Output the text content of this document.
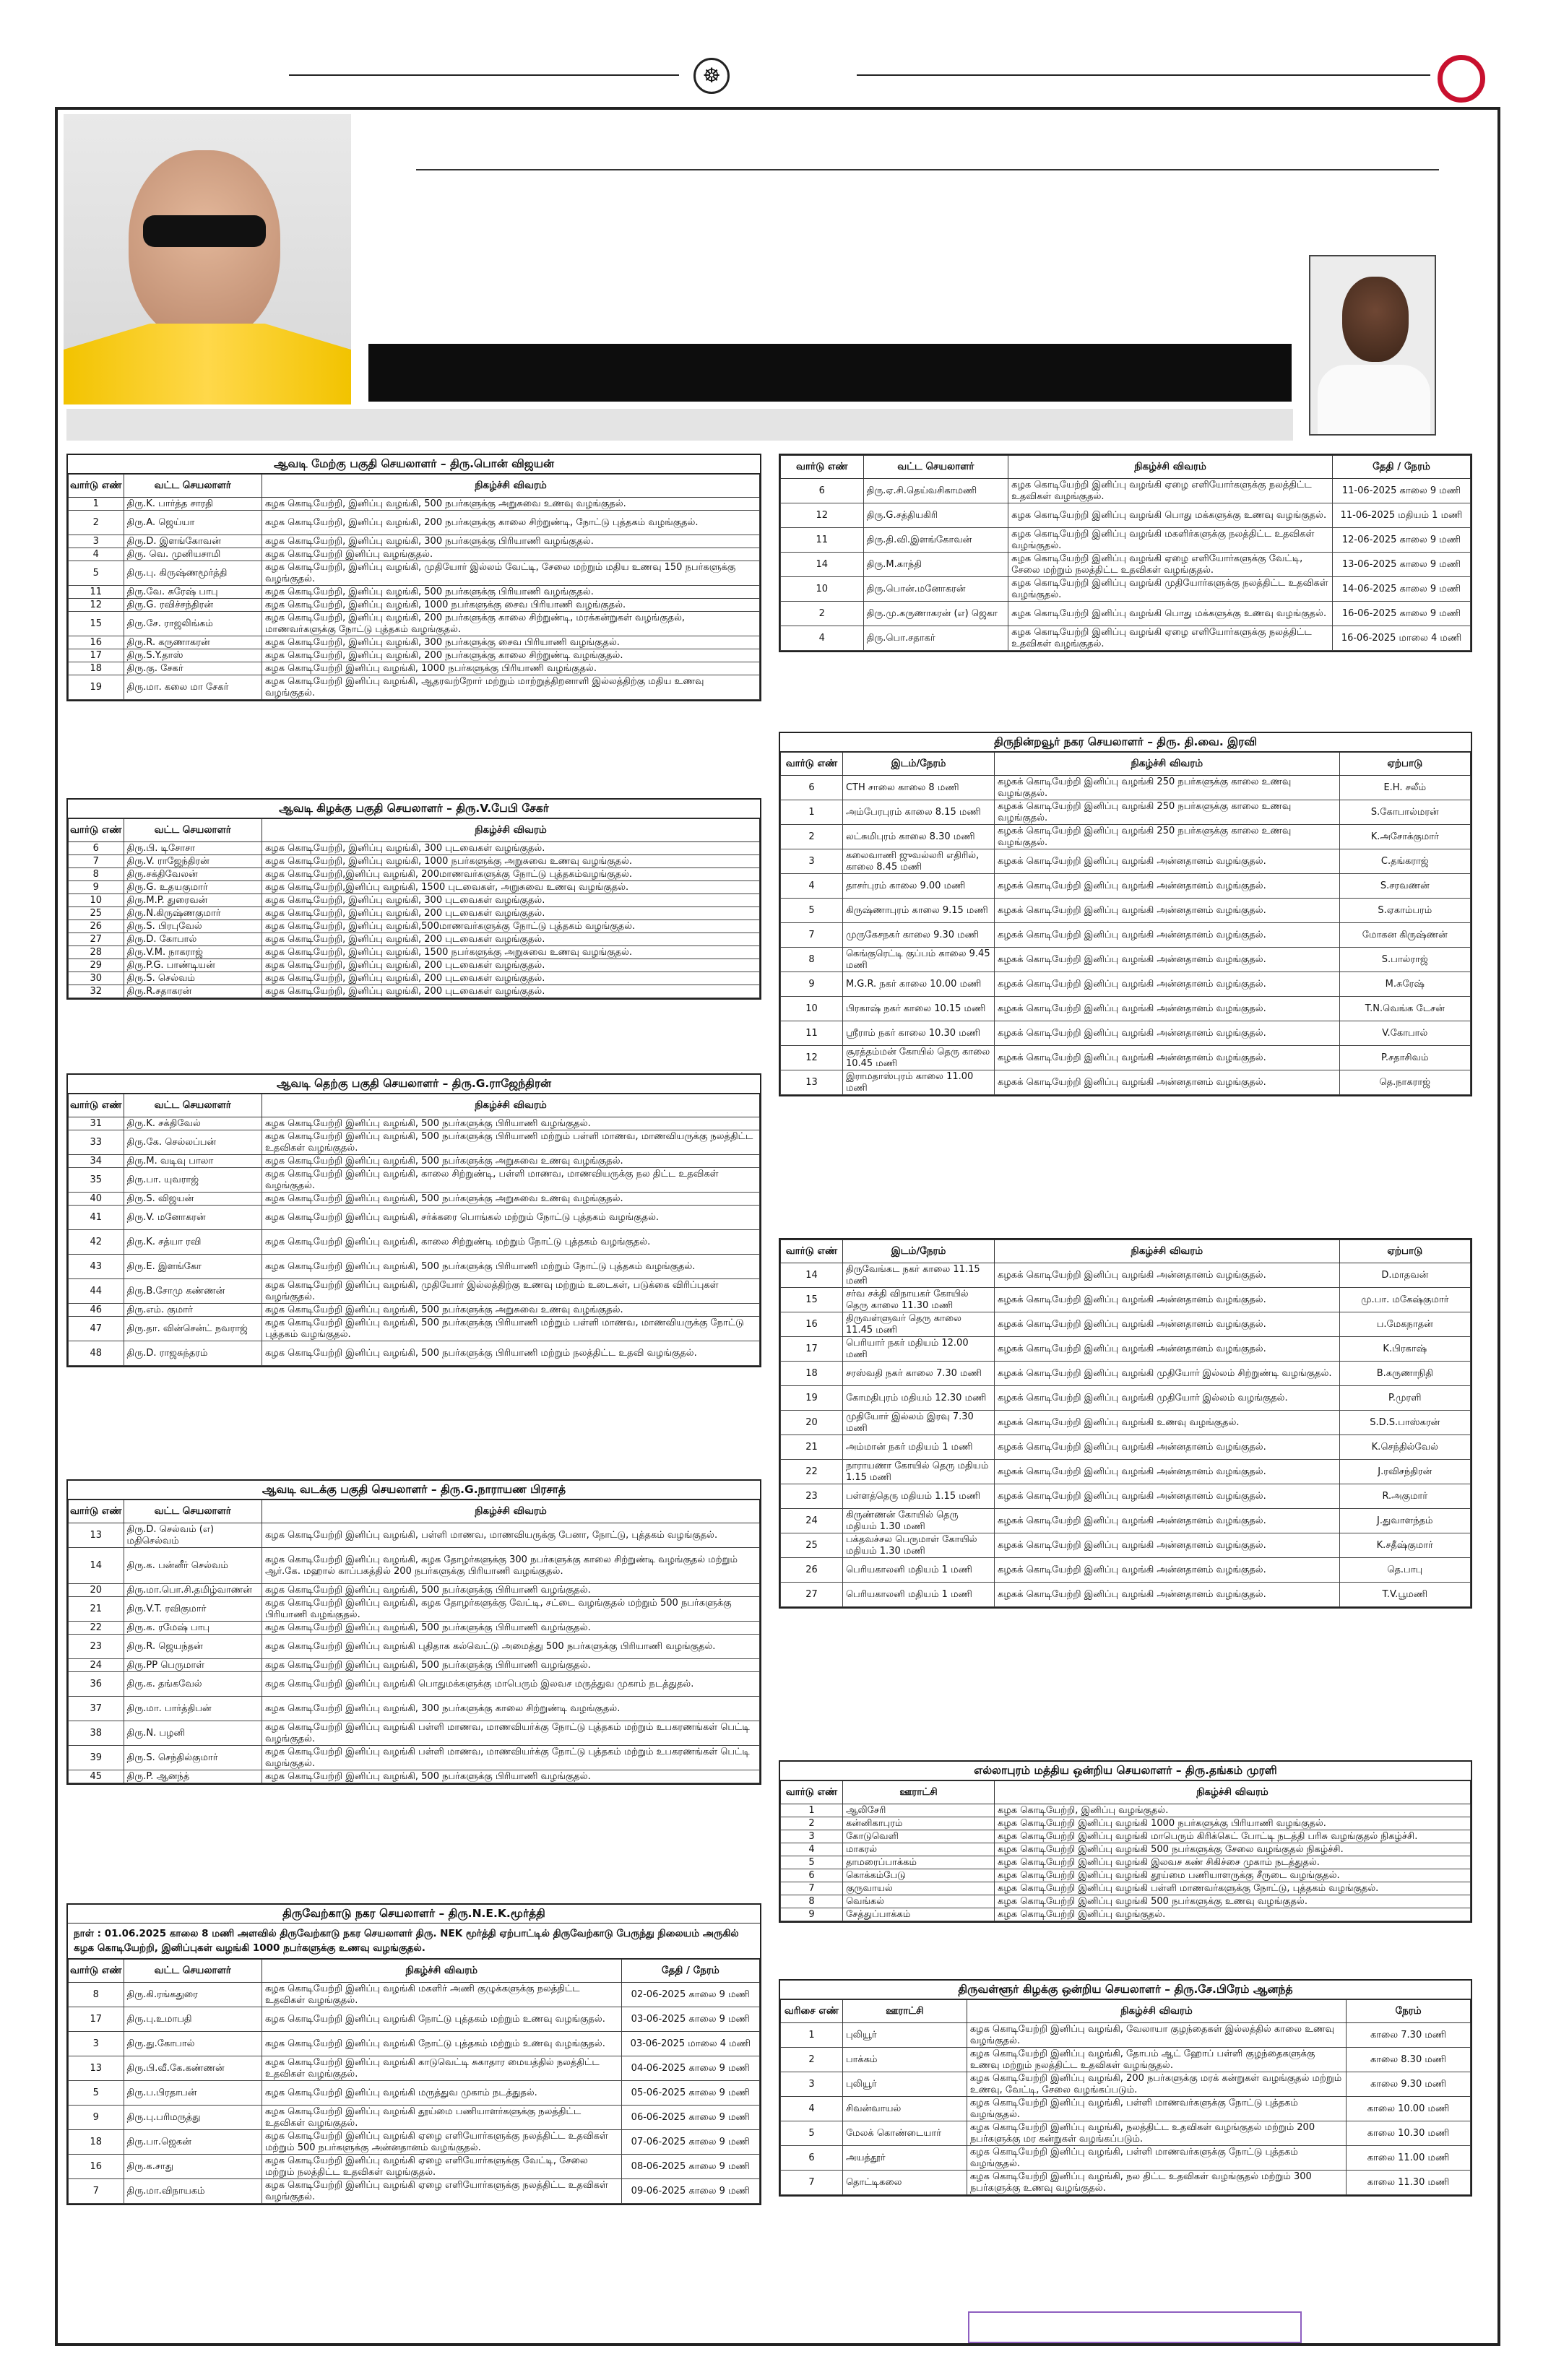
☸
ஆவடி மேற்கு பகுதி செயலாளர் – திரு.பொன் விஜயன்
வார்டு எண்	வட்ட செயலாளர்	நிகழ்ச்சி விவரம்
1	திரு.K. பார்த்த சாரதி	கழக கொடியேற்றி, இனிப்பு வழங்கி, 500 நபர்களுக்கு அறுசுவை உணவு வழங்குதல்.
2	திரு.A. ஜெய்யா	கழக கொடியேற்றி, இனிப்பு வழங்கி, 200 நபர்களுக்கு காலை சிற்றுண்டி, நோட்டு புத்தகம் வழங்குதல்.
3	திரு.D. இளங்கோவன்	கழக கொடியேற்றி, இனிப்பு வழங்கி, 300 நபர்களுக்கு பிரியாணி வழங்குதல்.
4	திரு. வெ. முனியசாமி	கழக கொடியேற்றி இனிப்பு வழங்குதல்.
5	திரு.பு. கிருஷ்ணமூர்த்தி	கழக கொடியேற்றி, இனிப்பு வழங்கி, முதியோர் இல்லம் வேட்டி, சேலை மற்றும் மதிய உணவு 150 நபர்களுக்கு வழங்குதல்.
11	திரு.வே. சுரேஷ் பாபு	கழக கொடியேற்றி, இனிப்பு வழங்கி, 500 நபர்களுக்கு பிரியாணி வழங்குதல்.
12	திரு.G. ரவிச்சந்திரன்	கழக கொடியேற்றி, இனிப்பு வழங்கி, 1000 நபர்களுக்கு சைவ பிரியாணி வழங்குதல்.
15	திரு.சே. ராஜலிங்கம்	கழக கொடியேற்றி, இனிப்பு வழங்கி, 200 நபர்களுக்கு காலை சிற்றுண்டி, மரக்கன்றுகள் வழங்குதல், மாணவர்களுக்கு நோட்டு புத்தகம் வழங்குதல்.
16	திரு.R. கருணாகரன்	கழக கொடியேற்றி, இனிப்பு வழங்கி, 300 நபர்களுக்கு சைவ பிரியாணி வழங்குதல்.
17	திரு.S.Y.தாஸ்	கழக கொடியேற்றி, இனிப்பு வழங்கி, 200 நபர்களுக்கு காலை சிற்றுண்டி வழங்குதல்.
18	திரு.கு. சேகர்	கழக கொடியேற்றி இனிப்பு வழங்கி, 1000 நபர்களுக்கு பிரியாணி வழங்குதல்.
19	திரு.மா. கலை மா சேகர்	கழக கொடியேற்றி இனிப்பு வழங்கி, ஆதரவற்றோர் மற்றும் மாற்றுத்திறனாளி இல்லத்திற்கு மதிய உணவு வழங்குதல்.
ஆவடி கிழக்கு பகுதி செயலாளர் – திரு.V.பேபி சேகர்
வார்டு எண்	வட்ட செயலாளர்	நிகழ்ச்சி விவரம்
6	திரு.பி. டிசோசா	கழக கொடியேற்றி, இனிப்பு வழங்கி, 300 புடவைகள் வழங்குதல்.
7	திரு.V. ராஜேந்திரன்	கழக கொடியேற்றி, இனிப்பு வழங்கி, 1000 நபர்களுக்கு அறுசுவை உணவு வழங்குதல்.
8	திரு.சக்திவேலன்	கழக கொடியேற்றி,இனிப்பு வழங்கி, 200மாணவர்களுக்கு நோட்டு புத்தகம்வழங்குதல்.
9	திரு.G. உதயகுமார்	கழக கொடியேற்றி,இனிப்பு வழங்கி, 1500 புடவைகள், அறுசுவை உணவு வழங்குதல்.
10	திரு.M.P. துரைவன்	கழக கொடியேற்றி, இனிப்பு வழங்கி, 300 புடவைகள் வழங்குதல்.
25	திரு.N.கிருஷ்ணகுமார்	கழக கொடியேற்றி, இனிப்பு வழங்கி, 200 புடவைகள் வழங்குதல்.
26	திரு.S. பிரபுவேல்	கழக கொடியேற்றி, இனிப்பு வழங்கி,500மாணவர்களுக்கு நோட்டு புத்தகம் வழங்குதல்.
27	திரு.D. கோபால்	கழக கொடியேற்றி, இனிப்பு வழங்கி, 200 புடவைகள் வழங்குதல்.
28	திரு.V.M. நாகராஜ்	கழக கொடியேற்றி, இனிப்பு வழங்கி, 1500 நபர்களுக்கு அறுசுவை உணவு வழங்குதல்.
29	திரு.P.G. பாண்டியன்	கழக கொடியேற்றி, இனிப்பு வழங்கி, 200 புடவைகள் வழங்குதல்.
30	திரு.S. செல்வம்	கழக கொடியேற்றி, இனிப்பு வழங்கி, 200 புடவைகள் வழங்குதல்.
32	திரு.R.சதாகரன்	கழக கொடியேற்றி, இனிப்பு வழங்கி, 200 புடவைகள் வழங்குதல்.
ஆவடி தெற்கு பகுதி செயலாளர் – திரு.G.ராஜேந்திரன்
வார்டு எண்	வட்ட செயலாளர்	நிகழ்ச்சி விவரம்
31	திரு.K. சக்திவேல்	கழக கொடியேற்றி இனிப்பு வழங்கி, 500 நபர்களுக்கு பிரியாணி வழங்குதல்.
33	திரு.கே. செல்லப்பன்	கழக கொடியேற்றி இனிப்பு வழங்கி, 500 நபர்களுக்கு பிரியாணி மற்றும் பள்ளி மாணவ, மாணவியருக்கு நலத்திட்ட உதவிகள் வழங்குதல்.
34	திரு.M. வடிவு பாலா	கழக கொடியேற்றி இனிப்பு வழங்கி, 500 நபர்களுக்கு அறுசுவை உணவு வழங்குதல்.
35	திரு.பா. யுவராஜ்	கழக கொடியேற்றி இனிப்பு வழங்கி, காலை சிற்றுண்டி, பள்ளி மாணவ, மாணவியருக்கு நல திட்ட உதவிகள் வழங்குதல்.
40	திரு.S. விஜயன்	கழக கொடியேற்றி இனிப்பு வழங்கி, 500 நபர்களுக்கு அறுசுவை உணவு வழங்குதல்.
41	திரு.V. மனோகரன்	கழக கொடியேற்றி இனிப்பு வழங்கி, சர்க்கரை பொங்கல் மற்றும் நோட்டு புத்தகம் வழங்குதல்.
42	திரு.K. சத்யா ரவி	கழக கொடியேற்றி இனிப்பு வழங்கி, காலை சிற்றுண்டி மற்றும் நோட்டு புத்தகம் வழங்குதல்.
43	திரு.E. இளங்கோ	கழக கொடியேற்றி இனிப்பு வழங்கி, 500 நபர்களுக்கு பிரியாணி மற்றும் நோட்டு புத்தகம் வழங்குதல்.
44	திரு.B.சோமு கண்ணன்	கழக கொடியேற்றி இனிப்பு வழங்கி, முதியோர் இல்லத்திற்கு உணவு மற்றும் உடைகள், படுக்கை விரிப்புகள் வழங்குதல்.
46	திரு.எம். குமார்	கழக கொடியேற்றி இனிப்பு வழங்கி, 500 நபர்களுக்கு அறுசுவை உணவு வழங்குதல்.
47	திரு.தா. வின்சென்ட் நவராஜ்	கழக கொடியேற்றி இனிப்பு வழங்கி, 500 நபர்களுக்கு பிரியாணி மற்றும் பள்ளி மாணவ, மாணவியருக்கு நோட்டு புத்தகம் வழங்குதல்.
48	திரு.D. ராஜசுந்தரம்	கழக கொடியேற்றி இனிப்பு வழங்கி, 500 நபர்களுக்கு பிரியாணி மற்றும் நலத்திட்ட உதவி வழங்குதல்.
ஆவடி வடக்கு பகுதி செயலாளர் – திரு.G.நாராயண பிரசாத்
வார்டு எண்	வட்ட செயலாளர்	நிகழ்ச்சி விவரம்
13	திரு.D. செல்வம் (எ) மதிசெல்வம்	கழக கொடியேற்றி இனிப்பு வழங்கி, பள்ளி மாணவ, மாணவியருக்கு பேனா, நோட்டு, புத்தகம் வழங்குதல்.
14	திரு.க. பன்னீர் செல்வம்	கழக கொடியேற்றி இனிப்பு வழங்கி, கழக தோழர்களுக்கு 300 நபர்களுக்கு காலை சிற்றுண்டி வழங்குதல் மற்றும் ஆர்.கே. மஹால் காப்பகத்தில் 200 நபர்களுக்கு பிரியாணி வழங்குதல்.
20	திரு.மா.பொ.சி.தமிழ்வாணன்	கழக கொடியேற்றி இனிப்பு வழங்கி, 500 நபர்களுக்கு பிரியாணி வழங்குதல்.
21	திரு.V.T. ரவிகுமார்	கழக கொடியேற்றி இனிப்பு வழங்கி, கழக தோழர்களுக்கு வேட்டி, சட்டை வழங்குதல் மற்றும் 500 நபர்களுக்கு பிரியாணி வழங்குதல்.
22	திரு.க. ரமேஷ் பாபு	கழக கொடியேற்றி இனிப்பு வழங்கி, 500 நபர்களுக்கு பிரியாணி வழங்குதல்.
23	திரு.R. ஜெயந்தன்	கழக கொடியேற்றி இனிப்பு வழங்கி புதிதாக கல்வெட்டு அமைத்து 500 நபர்களுக்கு பிரியாணி வழங்குதல்.
24	திரு.PP பெருமாள்	கழக கொடியேற்றி இனிப்பு வழங்கி, 500 நபர்களுக்கு பிரியாணி வழங்குதல்.
36	திரு.க. தங்கவேல்	கழக கொடியேற்றி இனிப்பு வழங்கி பொதுமக்களுக்கு மாபெரும் இலவச மருத்துவ முகாம் நடத்துதல்.
37	திரு.மா. பார்த்திபன்	கழக கொடியேற்றி இனிப்பு வழங்கி, 300 நபர்களுக்கு காலை சிற்றுண்டி வழங்குதல்.
38	திரு.N. பழனி	கழக கொடியேற்றி இனிப்பு வழங்கி பள்ளி மாணவ, மாணவியர்க்கு நோட்டு புத்தகம் மற்றும் உபகரணங்கள் பெட்டி வழங்குதல்.
39	திரு.S. செந்தில்குமார்	கழக கொடியேற்றி இனிப்பு வழங்கி பள்ளி மாணவ, மாணவியர்க்கு நோட்டு புத்தகம் மற்றும் உபகரணங்கள் பெட்டி வழங்குதல்.
45	திரு.P. ஆனந்த்	கழக கொடியேற்றி இனிப்பு வழங்கி, 500 நபர்களுக்கு பிரியாணி வழங்குதல்.
திருவேற்காடு நகர செயலாளர் – திரு.N.E.K.மூர்த்தி
நாள் : 01.06.2025 காலை 8 மணி அளவில் திருவேற்காடு நகர செயலாளர் திரு. NEK மூர்த்தி ஏற்பாட்டில் திருவேற்காடு பேருந்து நிலையம் அருகில் கழக கொடியேற்றி, இனிப்புகள் வழங்கி 1000 நபர்களுக்கு உணவு வழங்குதல்.
வார்டு எண்	வட்ட செயலாளர்	நிகழ்ச்சி விவரம்	தேதி / நேரம்
8	திரு.கி.ரங்கதுரை	கழக கொடியேற்றி இனிப்பு வழங்கி மகளிர் அணி குழுக்களுக்கு நலத்திட்ட உதவிகள் வழங்குதல்.	02-06-2025 காலை 9 மணி
17	திரு.பு.உமாபதி	கழக கொடியேற்றி இனிப்பு வழங்கி நோட்டு புத்தகம் மற்றும் உணவு வழங்குதல்.	03-06-2025 காலை 9 மணி
3	திரு.து.கோபால்	கழக கொடியேற்றி இனிப்பு வழங்கி நோட்டு புத்தகம் மற்றும் உணவு வழங்குதல்.	03-06-2025 மாலை 4 மணி
13	திரு.பி.வீ.கே.கண்ணன்	கழக கொடியேற்றி இனிப்பு வழங்கி காடுவெட்டி சுகாதார மையத்தில் நலத்திட்ட உதவிகள் வழங்குதல்.	04-06-2025 காலை 9 மணி
5	திரு.ப.பிரதாபன்	கழக கொடியேற்றி இனிப்பு வழங்கி மருத்துவ முகாம் நடத்துதல்.	05-06-2025 காலை 9 மணி
9	திரு.பு.பரிமருத்து	கழக கொடியேற்றி இனிப்பு வழங்கி தூய்மை பணியாளர்களுக்கு நலத்திட்ட உதவிகள் வழங்குதல்.	06-06-2025 காலை 9 மணி
18	திரு.பா.ஜெகன்	கழக கொடியேற்றி இனிப்பு வழங்கி ஏழை எளியோர்களுக்கு நலத்திட்ட உதவிகள் மற்றும் 500 நபர்களுக்கு அன்னதானம் வழங்குதல்.	07-06-2025 காலை 9 மணி
16	திரு.க.சாது	கழக கொடியேற்றி இனிப்பு வழங்கி ஏழை எளியோர்களுக்கு வேட்டி, சேலை மற்றும் நலத்திட்ட உதவிகள் வழங்குதல்.	08-06-2025 காலை 9 மணி
7	திரு.மா.விநாயகம்	கழக கொடியேற்றி இனிப்பு வழங்கி ஏழை எளியோர்களுக்கு நலத்திட்ட உதவிகள் வழங்குதல்.	09-06-2025 காலை 9 மணி
வார்டு எண்	வட்ட செயலாளர்	நிகழ்ச்சி விவரம்	தேதி / நேரம்
6	திரு.ஏ.சி.தெய்வசிகாமணி	கழக கொடியேற்றி இனிப்பு வழங்கி ஏழை எளியோர்களுக்கு நலத்திட்ட உதவிகள் வழங்குதல்.	11-06-2025 காலை 9 மணி
12	திரு.G.சத்தியகிரி	கழக கொடியேற்றி இனிப்பு வழங்கி பொது மக்களுக்கு உணவு வழங்குதல்.	11-06-2025 மதியம் 1 மணி
11	திரு.தி.வி.இளங்கோவன்	கழக கொடியேற்றி இனிப்பு வழங்கி மகளிர்களுக்கு நலத்திட்ட உதவிகள் வழங்குதல்.	12-06-2025 காலை 9 மணி
14	திரு.M.காந்தி	கழக கொடியேற்றி இனிப்பு வழங்கி ஏழை எளியோர்களுக்கு வேட்டி, சேலை மற்றும் நலத்திட்ட உதவிகள் வழங்குதல்.	13-06-2025 காலை 9 மணி
10	திரு.பொன்.மனோகரன்	கழக கொடியேற்றி இனிப்பு வழங்கி முதியோர்களுக்கு நலத்திட்ட உதவிகள் வழங்குதல்.	14-06-2025 காலை 9 மணி
2	திரு.மு.கருணாகரன் (எ) ஜெகா	கழக கொடியேற்றி இனிப்பு வழங்கி பொது மக்களுக்கு உணவு வழங்குதல்.	16-06-2025 காலை 9 மணி
4	திரு.பொ.சதாகர்	கழக கொடியேற்றி இனிப்பு வழங்கி ஏழை எளியோர்களுக்கு நலத்திட்ட உதவிகள் வழங்குதல்.	16-06-2025 மாலை 4 மணி
திருநின்றவூர் நகர செயலாளர் – திரு. தி.வை. இரவி
வார்டு எண்	இடம்/நேரம்	நிகழ்ச்சி விவரம்	ஏற்பாடு
6	CTH சாலை காலை 8 மணி	கழகக் கொடியேற்றி இனிப்பு வழங்கி 250 நபர்களுக்கு காலை உணவு வழங்குதல்.	E.H. சலீம்
1	அம்பேரபுரம் காலை 8.15 மணி	கழகக் கொடியேற்றி இனிப்பு வழங்கி 250 நபர்களுக்கு காலை உணவு வழங்குதல்.	S.கோபால்மரன்
2	லட்சுமிபுரம் காலை 8.30 மணி	கழகக் கொடியேற்றி இனிப்பு வழங்கி 250 நபர்களுக்கு காலை உணவு வழங்குதல்.	K.அசோக்குமார்
3	கலைவாணி ஜுவல்லரி எதிரில், காலை 8.45 மணி	கழகக் கொடியேற்றி இனிப்பு வழங்கி அன்னதானம் வழங்குதல்.	C.தங்கராஜ்
4	தாசர்புரம் காலை 9.00 மணி	கழகக் கொடியேற்றி இனிப்பு வழங்கி அன்னதானம் வழங்குதல்.	S.சரவணன்
5	கிருஷ்ணாபுரம் காலை 9.15 மணி	கழகக் கொடியேற்றி இனிப்பு வழங்கி அன்னதானம் வழங்குதல்.	S.ஏகாம்பரம்
7	முருகேசநகர் காலை 9.30 மணி	கழகக் கொடியேற்றி இனிப்பு வழங்கி அன்னதானம் வழங்குதல்.	மோகன கிருஷ்ணன்
8	கெங்குரெட்டி குப்பம் காலை 9.45 மணி	கழகக் கொடியேற்றி இனிப்பு வழங்கி அன்னதானம் வழங்குதல்.	S.பால்ராஜ்
9	M.G.R. நகர் காலை 10.00 மணி	கழகக் கொடியேற்றி இனிப்பு வழங்கி அன்னதானம் வழங்குதல்.	M.சுரேஷ்
10	பிரகாஷ் நகர் காலை 10.15 மணி	கழகக் கொடியேற்றி இனிப்பு வழங்கி அன்னதானம் வழங்குதல்.	T.N.வெங்க டேசன்
11	ஸ்ரீராம் நகர் காலை 10.30 மணி	கழகக் கொடியேற்றி இனிப்பு வழங்கி அன்னதானம் வழங்குதல்.	V.கோபால்
12	சூரத்தம்மன் கோயில் தெரு காலை 10.45 மணி	கழகக் கொடியேற்றி இனிப்பு வழங்கி அன்னதானம் வழங்குதல்.	P.சதாசிவம்
13	இராமதாஸ்புரம் காலை 11.00 மணி	கழகக் கொடியேற்றி இனிப்பு வழங்கி அன்னதானம் வழங்குதல்.	தெ.நாகராஜ்
வார்டு எண்	இடம்/நேரம்	நிகழ்ச்சி விவரம்	ஏற்பாடு
14	திருவேங்கட நகர் காலை 11.15 மணி	கழகக் கொடியேற்றி இனிப்பு வழங்கி அன்னதானம் வழங்குதல்.	D.மாதவன்
15	சர்வ சக்தி விநாயகர் கோயில் தெரு காலை 11.30 மணி	கழகக் கொடியேற்றி இனிப்பு வழங்கி அன்னதானம் வழங்குதல்.	மு.பா. மகேஷ்குமார்
16	திருவள்ளுவர் தெரு காலை 11.45 மணி	கழகக் கொடியேற்றி இனிப்பு வழங்கி அன்னதானம் வழங்குதல்.	ப.மேகநாதன்
17	பெரியார் நகர் மதியம் 12.00 மணி	கழகக் கொடியேற்றி இனிப்பு வழங்கி அன்னதானம் வழங்குதல்.	K.பிரகாஷ்
18	சரஸ்வதி நகர் காலை 7.30 மணி	கழகக் கொடியேற்றி இனிப்பு வழங்கி முதியோர் இல்லம் சிற்றுண்டி வழங்குதல்.	B.கருணாநிதி
19	கோமதிபுரம் மதியம் 12.30 மணி	கழகக் கொடியேற்றி இனிப்பு வழங்கி முதியோர் இல்லம் வழங்குதல்.	P.முரளி
20	முதியோர் இல்லம் இரவு 7.30 மணி	கழகக் கொடியேற்றி இனிப்பு வழங்கி உணவு வழங்குதல்.	S.D.S.பாஸ்கரன்
21	அம்மான் நகர் மதியம் 1 மணி	கழகக் கொடியேற்றி இனிப்பு வழங்கி அன்னதானம் வழங்குதல்.	K.செந்தில்வேல்
22	நாராயணா கோயில் தெரு மதியம் 1.15 மணி	கழகக் கொடியேற்றி இனிப்பு வழங்கி அன்னதானம் வழங்குதல்.	J.ரவிசந்திரன்
23	பள்ளத்தெரு மதியம் 1.15 மணி	கழகக் கொடியேற்றி இனிப்பு வழங்கி அன்னதானம் வழங்குதல்.	R.அகுமார்
24	கிருண்ணன் கோயில் தெரு மதியம் 1.30 மணி	கழகக் கொடியேற்றி இனிப்பு வழங்கி அன்னதானம் வழங்குதல்.	J.துவாளந்தம்
25	பக்தவச்சல பெருமாள் கோயில் மதியம் 1.30 மணி	கழகக் கொடியேற்றி இனிப்பு வழங்கி அன்னதானம் வழங்குதல்.	K.சதீஷ்குமார்
26	பெரியகாலனி மதியம் 1 மணி	கழகக் கொடியேற்றி இனிப்பு வழங்கி அன்னதானம் வழங்குதல்.	தெ.பாபு
27	பெரியகாலனி மதியம் 1 மணி	கழகக் கொடியேற்றி இனிப்பு வழங்கி அன்னதானம் வழங்குதல்.	T.V.பூமணி
எல்லாபுரம் மத்திய ஒன்றிய செயலாளர் – திரு.தங்கம் முரளி
வார்டு எண்	ஊராட்சி	நிகழ்ச்சி விவரம்
1	ஆலிசேரி	கழக கொடியேற்றி, இனிப்பு வழங்குதல்.
2	கன்னிகாபுரம்	கழக கொடியேற்றி இனிப்பு வழங்கி 1000 நபர்களுக்கு பிரியாணி வழங்குதல்.
3	கோடுவெளி	கழக கொடியேற்றி இனிப்பு வழங்கி மாபெரும் கிரிக்கெட் போட்டி நடத்தி பரிசு வழங்குதல் நிகழ்ச்சி.
4	மாகரல்	கழக கொடியேற்றி இனிப்பு வழங்கி 500 நபர்களுக்கு சேலை வழங்குதல் நிகழ்ச்சி.
5	தாமரைப்பாக்கம்	கழக கொடியேற்றி இனிப்பு வழங்கி இலவச கண் சிகிச்சை முகாம் நடத்துதல்.
6	கொக்கம்பேடு	கழக கொடியேற்றி இனிப்பு வழங்கி தூய்மை பணியாளருக்கு சீருடை வழங்குதல்.
7	குருவாயல்	கழக கொடியேற்றி இனிப்பு வழங்கி பள்ளி மாணவர்களுக்கு நோட்டு, புத்தகம் வழங்குதல்.
8	வெங்கல்	கழக கொடியேற்றி இனிப்பு வழங்கி 500 நபர்களுக்கு உணவு வழங்குதல்.
9	சேத்துப்பாக்கம்	கழக கொடியேற்றி இனிப்பு வழங்குதல்.
திருவள்ளூர் கிழக்கு ஒன்றிய செயலாளர் – திரு.சே.பிரேம் ஆனந்த்
வரிசை எண்	ஊராட்சி	நிகழ்ச்சி விவரம்	நேரம்
1	புலியூர்	கழக கொடியேற்றி இனிப்பு வழங்கி, வேலாயா குழந்தைகள் இல்லத்தில் காலை உணவு வழங்குதல்.	காலை 7.30 மணி
2	பாக்கம்	கழக கொடியேற்றி இனிப்பு வழங்கி, தோபம் ஆட் ஹோப் பள்ளி குழந்தைகளுக்கு உணவு மற்றும் நலத்திட்ட உதவிகள் வழங்குதல்.	காலை 8.30 மணி
3	புலியூர்	கழக கொடியேற்றி இனிப்பு வழங்கி, 200 நபர்களுக்கு மரக் கன்றுகள் வழங்குதல் மற்றும் உணவு, வேட்டி, சேலை வழங்கப்படும்.	காலை 9.30 மணி
4	சிவன்வாயல்	கழக கொடியேற்றி இனிப்பு வழங்கி, பள்ளி மாணவர்களுக்கு நோட்டு புத்தகம் வழங்குதல்.	காலை 10.00 மணி
5	மேலக் கொண்டையார்	கழக கொடியேற்றி இனிப்பு வழங்கி, நலத்திட்ட உதவிகள் வழங்குதல் மற்றும் 200 நபர்களுக்கு மர கன்றுகள் வழங்கப்படும்.	காலை 10.30 மணி
6	அயத்தூர்	கழக கொடியேற்றி இனிப்பு வழங்கி, பள்ளி மாணவர்களுக்கு நோட்டு புத்தகம் வழங்குதல்.	காலை 11.00 மணி
7	தொட்டிகலை	கழக கொடியேற்றி இனிப்பு வழங்கி, நல திட்ட உதவிகள் வழங்குதல் மற்றும் 300 நபர்களுக்கு உணவு வழங்குதல்.	காலை 11.30 மணி
